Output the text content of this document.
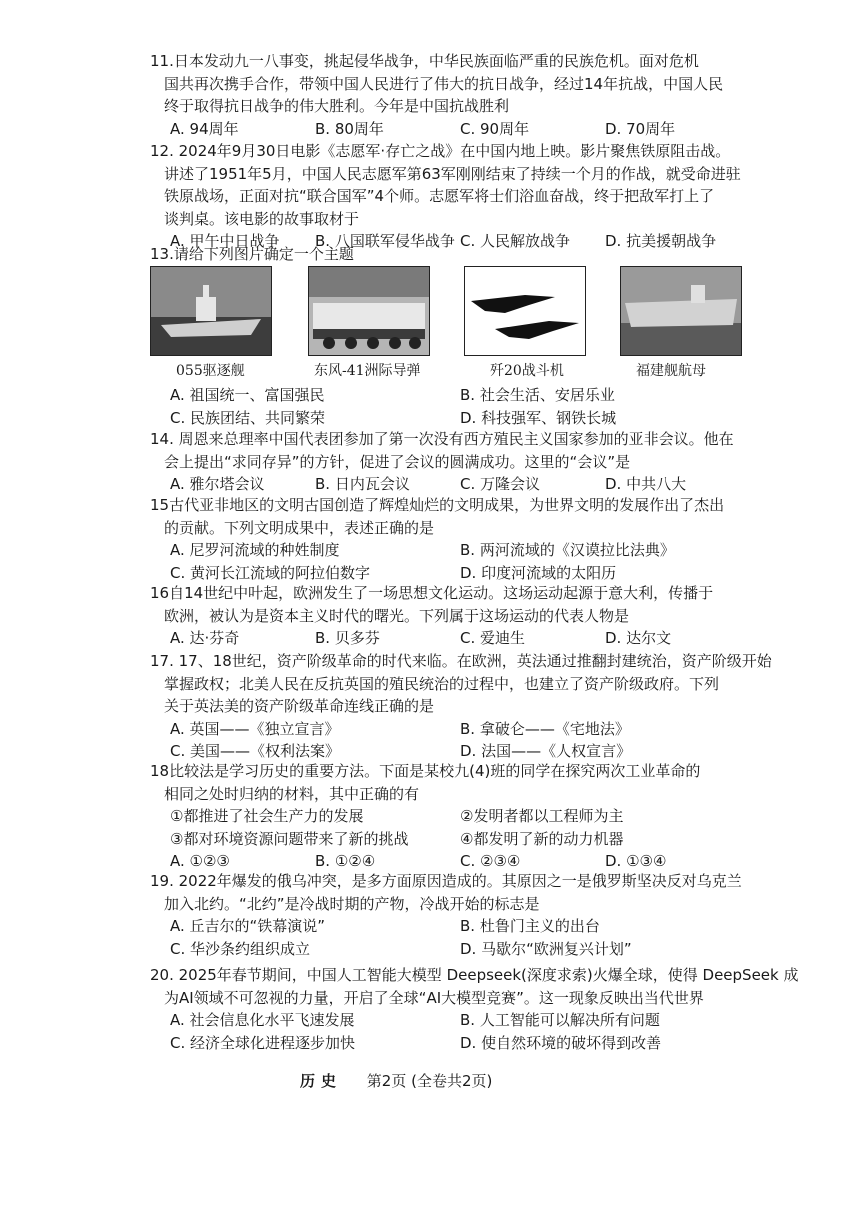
11.日本发动九一八事变，挑起侵华战争，中华民族面临严重的民族危机。面对危机
国共再次携手合作，带领中国人民进行了伟大的抗日战争，经过14年抗战，中国人民
终于取得抗日战争的伟大胜利。今年是中国抗战胜利
A. 94周年	B. 80周年	C. 90周年	D. 70周年
12. 2024年9月30日电影《志愿军·存亡之战》在中国内地上映。影片聚焦铁原阻击战。
讲述了1951年5月，中国人民志愿军第63军刚刚结束了持续一个月的作战，就受命进驻
铁原战场，正面对抗“联合国军”4个师。志愿军将士们浴血奋战，终于把敌军打上了
谈判桌。该电影的故事取材于
A. 甲午中日战争	B. 八国联军侵华战争 C. 人民解放战争	D. 抗美援朝战争
13.请给下列图片确定一个主题
055驱逐舰	东风-41洲际导弹	歼20战斗机	福建舰航母
A. 祖国统一、富国强民	B. 社会生活、安居乐业
C. 民族团结、共同繁荣	D. 科技强军、钢铁长城
14. 周恩来总理率中国代表团参加了第一次没有西方殖民主义国家参加的亚非会议。他在
会上提出“求同存异”的方针，促进了会议的圆满成功。这里的“会议”是
A. 雅尔塔会议	B. 日内瓦会议	C. 万隆会议	D. 中共八大
15古代亚非地区的文明古国创造了辉煌灿烂的文明成果，为世界文明的发展作出了杰出
的贡献。下列文明成果中，表述正确的是
A. 尼罗河流域的种姓制度	B. 两河流域的《汉谟拉比法典》
C. 黄河长江流域的阿拉伯数字	D. 印度河流域的太阳历
16自14世纪中叶起，欧洲发生了一场思想文化运动。这场运动起源于意大利，传播于
欧洲，被认为是资本主义时代的曙光。下列属于这场运动的代表人物是
A. 达·芬奇	B. 贝多芬	C. 爱迪生	D. 达尔文
17. 17、18世纪，资产阶级革命的时代来临。在欧洲，英法通过推翻封建统治，资产阶级开始
掌握政权；北美人民在反抗英国的殖民统治的过程中，也建立了资产阶级政府。下列
关于英法美的资产阶级革命连线正确的是
A. 英国——《独立宣言》	B. 拿破仑——《宅地法》
C. 美国——《权利法案》	D. 法国——《人权宣言》
18比较法是学习历史的重要方法。下面是某校九(4)班的同学在探究两次工业革命的
相同之处时归纳的材料，其中正确的有
①都推进了社会生产力的发展	②发明者都以工程师为主
③都对环境资源问题带来了新的挑战	④都发明了新的动力机器
A. ①②③	B. ①②④	C. ②③④	D. ①③④
19. 2022年爆发的俄乌冲突，是多方面原因造成的。其原因之一是俄罗斯坚决反对乌克兰
加入北约。“北约”是冷战时期的产物，冷战开始的标志是
A. 丘吉尔的“铁幕演说”	B. 杜鲁门主义的出台
C. 华沙条约组织成立	D. 马歇尔“欧洲复兴计划”
20. 2025年春节期间，中国人工智能大模型 Deepseek(深度求索)火爆全球，使得 DeepSeek 成
为AI领域不可忽视的力量，开启了全球“AI大模型竞赛”。这一现象反映出当代世界
A. 社会信息化水平飞速发展	B. 人工智能可以解决所有问题
C. 经济全球化进程逐步加快	D. 使自然环境的破坏得到改善
历史 第2页 (全卷共2页)
